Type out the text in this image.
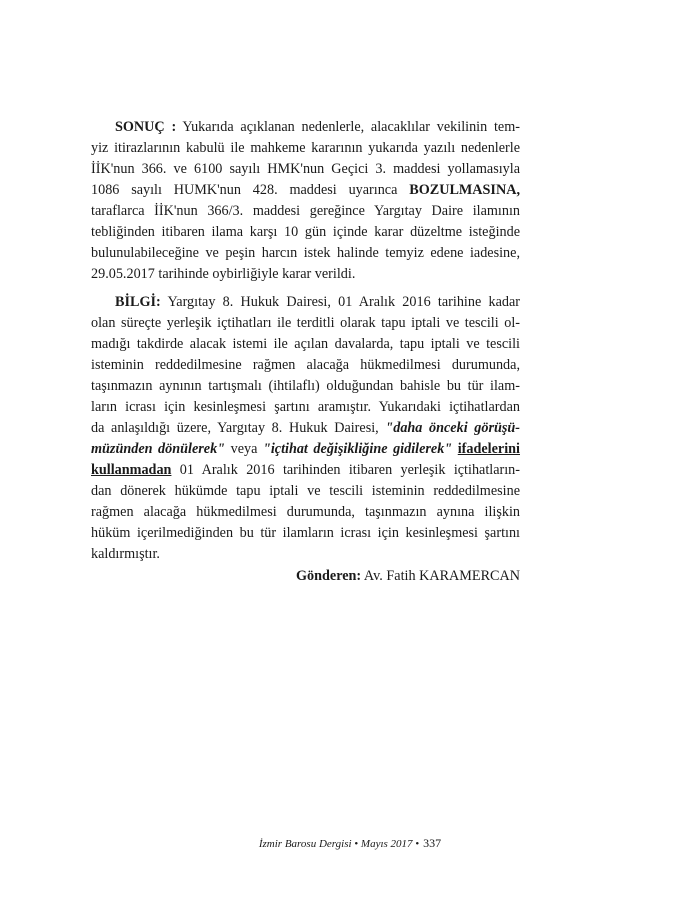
SONUÇ : Yukarıda açıklanan nedenlerle, alacaklılar vekilinin tem-
yiz itirazlarının kabulü ile mahkeme kararının yukarıda yazılı nedenlerle
İİK'nun 366. ve 6100 sayılı HMK'nun Geçici 3. maddesi yollamasıyla
1086 sayılı HUMK'nun 428. maddesi uyarınca BOZULMASINA,
taraflarca İİK'nun 366/3. maddesi gereğince Yargıtay Daire ilamının
tebliğinden itibaren ilama karşı 10 gün içinde karar düzeltme isteğinde
bulunulabileceğine ve peşin harcın istek halinde temyiz edene iadesine,
29.05.2017 tarihinde oybirliğiyle karar verildi.
BİLGİ: Yargıtay 8. Hukuk Dairesi, 01 Aralık 2016 tarihine kadar
olan süreçte yerleşik içtihatları ile terditli olarak tapu iptali ve tescili ol-
madığı takdirde alacak istemi ile açılan davalarda, tapu iptali ve tescili
isteminin reddedilmesine rağmen alacağa hükmedilmesi durumunda,
taşınmazın aynının tartışmalı (ihtilaflı) olduğundan bahisle bu tür ilam-
ların icrası için kesinleşmesi şartını aramıştır. Yukarıdaki içtihatlardan
da anlaşıldığı üzere, Yargıtay 8. Hukuk Dairesi, "daha önceki görüşü-
müzünden dönülerek" veya "içtihat değişikliğine gidilerek" ifadelerini
kullanmadan 01 Aralık 2016 tarihinden itibaren yerleşik içtihatların-
dan dönerek hükümde tapu iptali ve tescili isteminin reddedilmesine
rağmen alacağa hükmedilmesi durumunda, taşınmazın aynına ilişkin
hüküm içerilmediğinden bu tür ilamların icrası için kesinleşmesi şartını
kaldırmıştır.
Gönderen: Av. Fatih KARAMERCAN
İzmir Barosu Dergisi • Mayıs 2017 • 337
